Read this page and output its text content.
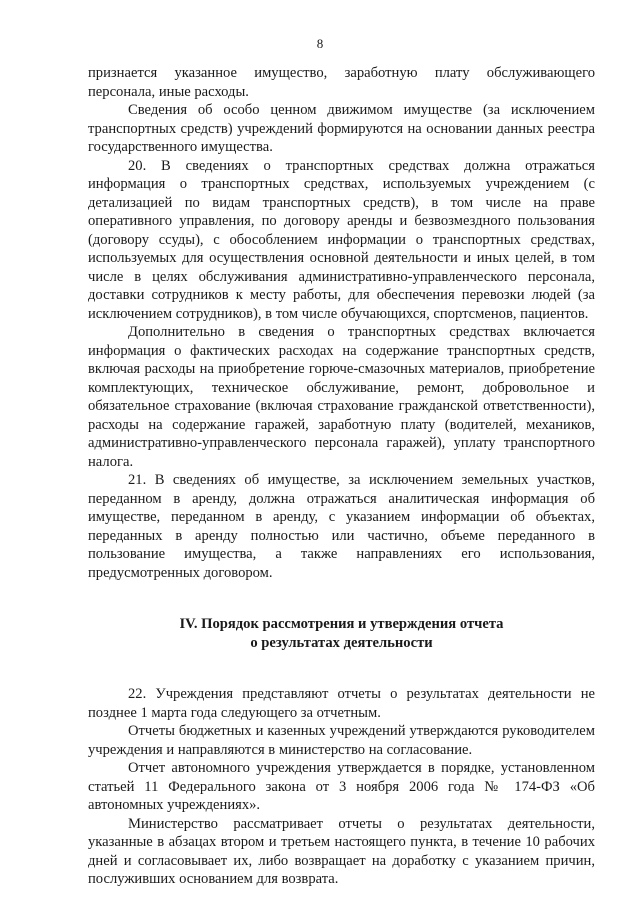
8

признается указанное имущество, заработную плату обслуживающего персонала, иные расходы.

Сведения об особо ценном движимом имуществе (за исключением транспортных средств) учреждений формируются на основании данных реестра государственного имущества.

20. В сведениях о транспортных средствах должна отражаться информация о транспортных средствах, используемых учреждением (с детализацией по видам транспортных средств), в том числе на праве оперативного управления, по договору аренды и безвозмездного пользования (договору ссуды), с обособлением информации о транспортных средствах, используемых для осуществления основной деятельности и иных целей, в том числе в целях обслуживания административно-управленческого персонала, доставки сотрудников к месту работы, для обеспечения перевозки людей (за исключением сотрудников), в том числе обучающихся, спортсменов, пациентов.

Дополнительно в сведения о транспортных средствах включается информация о фактических расходах на содержание транспортных средств, включая расходы на приобретение горюче-смазочных материалов, приобретение комплектующих, техническое обслуживание, ремонт, добровольное и обязательное страхование (включая страхование гражданской ответственности), расходы на содержание гаражей, заработную плату (водителей, механиков, административно-управленческого персонала гаражей), уплату транспортного налога.

21. В сведениях об имуществе, за исключением земельных участков, переданном в аренду, должна отражаться аналитическая информация об имуществе, переданном в аренду, с указанием информации об объектах, переданных в аренду полностью или частично, объеме переданного в пользование имущества, а также направлениях его использования, предусмотренных договором.

IV. Порядок рассмотрения и утверждения отчета
о результатах деятельности

22. Учреждения представляют отчеты о результатах деятельности не позднее 1 марта года следующего за отчетным.

Отчеты бюджетных и казенных учреждений утверждаются руководителем учреждения и направляются в министерство на согласование.

Отчет автономного учреждения утверждается в порядке, установленном статьей 11 Федерального закона от 3 ноября 2006 года № 174-ФЗ «Об автономных учреждениях».

Министерство рассматривает отчеты о результатах деятельности, указанные в абзацах втором и третьем настоящего пункта, в течение 10 рабочих дней и согласовывает их, либо возвращает на доработку с указанием причин, послуживших основанием для возврата.
